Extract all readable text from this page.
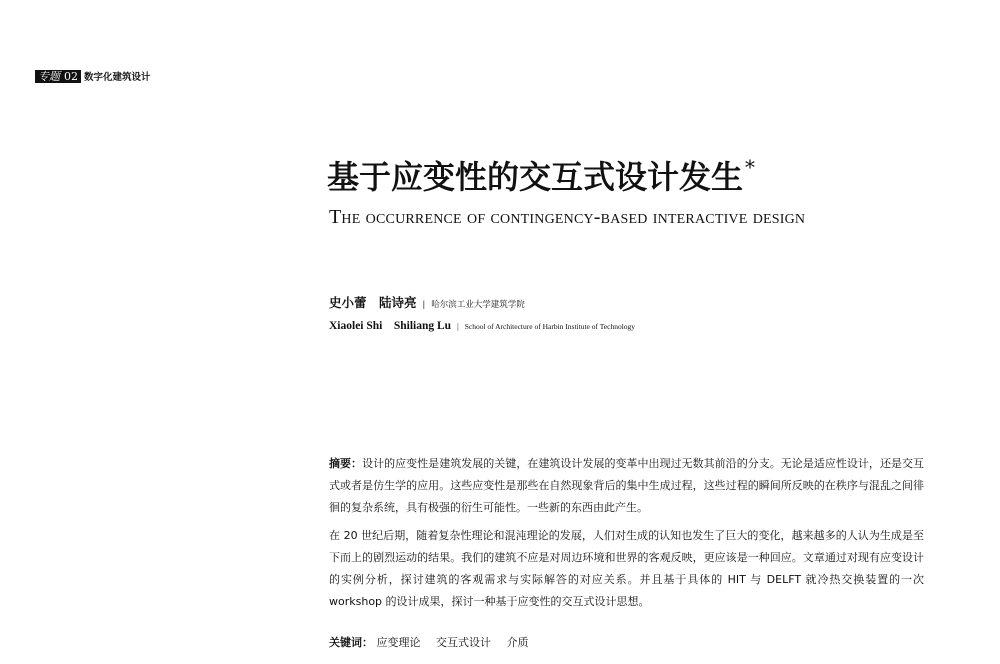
专题 02 数字化建筑设计
基于应变性的交互式设计发生 *
The occurrence of contingency-based interactive design
史小蕾　陆诗亮 | 哈尔滨工业大学建筑学院
Xiaolei Shi　Shiliang Lu | School of Architecture of Harbin Institute of Technology

摘要：设计的应变性是建筑发展的关键，在建筑设计发展的变革中出现过无数其前沿的分支。无论是适应性设计，还是交互式或者是仿生学的应用。这些应变性是那些在自然现象背后的集中生成过程，这些过程的瞬间所反映的在秩序与混乱之间徘徊的复杂系统，具有极强的衍生可能性。一些新的东西由此产生。

在 20 世纪后期，随着复杂性理论和混沌理论的发展，人们对生成的认知也发生了巨大的变化，越来越多的人认为生成是至下而上的剧烈运动的结果。我们的建筑不应是对周边环境和世界的客观反映，更应该是一种回应。文章通过对现有应变设计的实例分析，探讨建筑的客观需求与实际解答的对应关系。并且基于具体的 HIT 与 DELFT 就冷热交换装置的一次 workshop 的设计成果，探讨一种基于应变性的交互式设计思想。

关键词： 应变理论 交互式设计 介质
